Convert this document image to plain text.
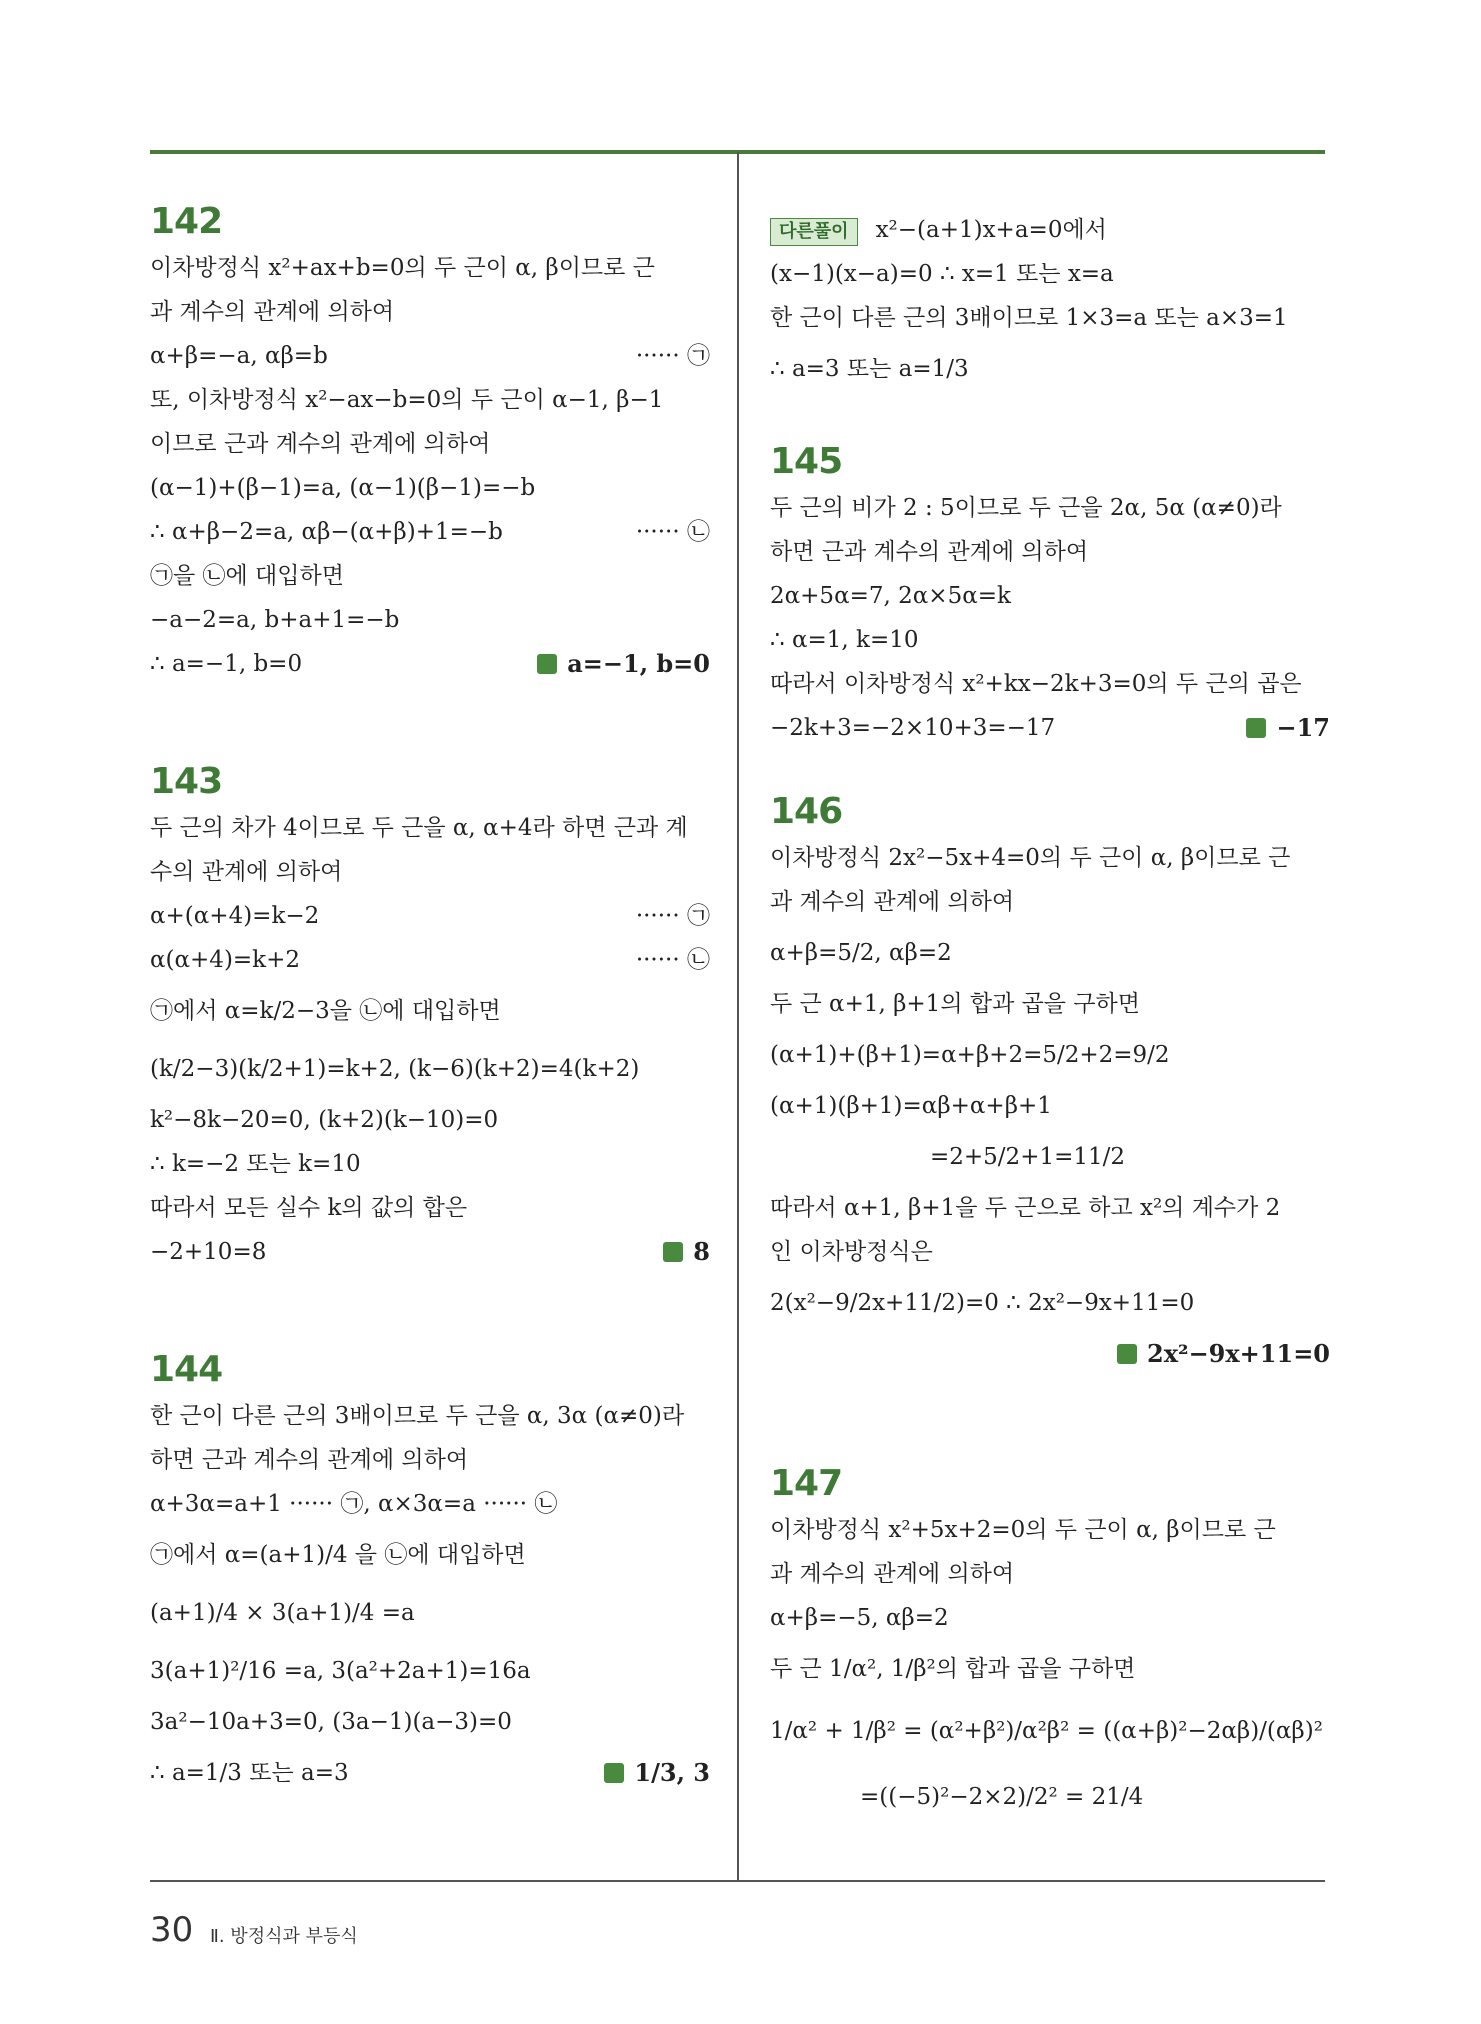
142
이차방정식 x²+ax+b=0의 두 근이 α, β이므로 근
과 계수의 관계에 의하여
α+β=−a, αβ=b	······ ㉠
또, 이차방정식 x²−ax−b=0의 두 근이 α−1, β−1
이므로 근과 계수의 관계에 의하여
(α−1)+(β−1)=a, (α−1)(β−1)=−b
∴ α+β−2=a, αβ−(α+β)+1=−b	······ ㉡
㉠을 ㉡에 대입하면
−a−2=a, b+a+1=−b
∴ a=−1, b=0	a=−1, b=0
143
두 근의 차가 4이므로 두 근을 α, α+4라 하면 근과 계
수의 관계에 의하여
α+(α+4)=k−2	······ ㉠
α(α+4)=k+2	······ ㉡
㉠에서 α=k/2−3을 ㉡에 대입하면
(k/2−3)(k/2+1)=k+2, (k−6)(k+2)=4(k+2)
k²−8k−20=0, (k+2)(k−10)=0
∴ k=−2 또는 k=10
따라서 모든 실수 k의 값의 합은
−2+10=8	8
144
한 근이 다른 근의 3배이므로 두 근을 α, 3α (α≠0)라
하면 근과 계수의 관계에 의하여
α+3α=a+1 ······ ㉠, α×3α=a ······ ㉡
㉠에서 α=(a+1)/4 을 ㉡에 대입하면
(a+1)/4 × 3(a+1)/4 =a
3(a+1)²/16 =a, 3(a²+2a+1)=16a
3a²−10a+3=0, (3a−1)(a−3)=0
∴ a=1/3 또는 a=3	1/3, 3
다른풀이 x²−(a+1)x+a=0에서
(x−1)(x−a)=0 ∴ x=1 또는 x=a
한 근이 다른 근의 3배이므로 1×3=a 또는 a×3=1
∴ a=3 또는 a=1/3
145
두 근의 비가 2 : 5이므로 두 근을 2α, 5α (α≠0)라
하면 근과 계수의 관계에 의하여
2α+5α=7, 2α×5α=k
∴ α=1, k=10
따라서 이차방정식 x²+kx−2k+3=0의 두 근의 곱은
−2k+3=−2×10+3=−17	−17
146
이차방정식 2x²−5x+4=0의 두 근이 α, β이므로 근
과 계수의 관계에 의하여
α+β=5/2, αβ=2
두 근 α+1, β+1의 합과 곱을 구하면
(α+1)+(β+1)=α+β+2=5/2+2=9/2
(α+1)(β+1)=αβ+α+β+1
=2+5/2+1=11/2
따라서 α+1, β+1을 두 근으로 하고 x²의 계수가 2
인 이차방정식은
2(x²−9/2x+11/2)=0 ∴ 2x²−9x+11=0
2x²−9x+11=0
147
이차방정식 x²+5x+2=0의 두 근이 α, β이므로 근
과 계수의 관계에 의하여
α+β=−5, αβ=2
두 근 1/α², 1/β²의 합과 곱을 구하면
1/α² + 1/β² = (α²+β²)/α²β² = ((α+β)²−2αβ)/(αβ)²
=((−5)²−2×2)/2² = 21/4
30 Ⅱ. 방정식과 부등식
